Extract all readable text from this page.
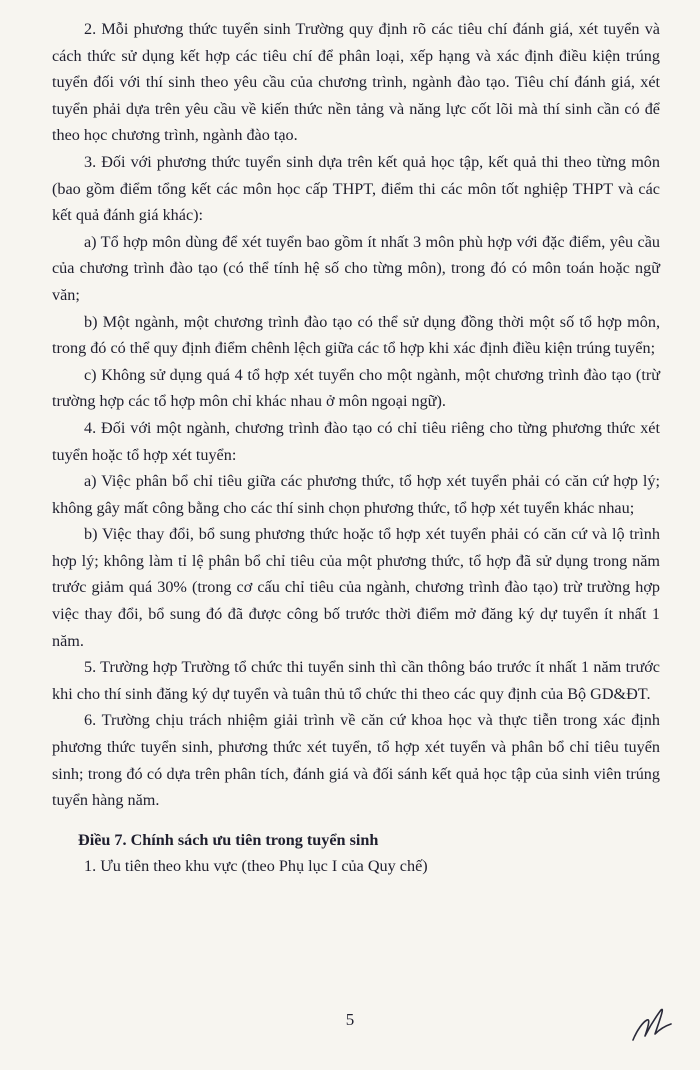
2. Mỗi phương thức tuyển sinh Trường quy định rõ các tiêu chí đánh giá, xét tuyển và cách thức sử dụng kết hợp các tiêu chí để phân loại, xếp hạng và xác định điều kiện trúng tuyển đối với thí sinh theo yêu cầu của chương trình, ngành đào tạo. Tiêu chí đánh giá, xét tuyển phải dựa trên yêu cầu về kiến thức nền tảng và năng lực cốt lõi mà thí sinh cần có để theo học chương trình, ngành đào tạo.

3. Đối với phương thức tuyển sinh dựa trên kết quả học tập, kết quả thi theo từng môn (bao gồm điểm tổng kết các môn học cấp THPT, điểm thi các môn tốt nghiệp THPT và các kết quả đánh giá khác):

a) Tổ hợp môn dùng để xét tuyển bao gồm ít nhất 3 môn phù hợp với đặc điểm, yêu cầu của chương trình đào tạo (có thể tính hệ số cho từng môn), trong đó có môn toán hoặc ngữ văn;

b) Một ngành, một chương trình đào tạo có thể sử dụng đồng thời một số tổ hợp môn, trong đó có thể quy định điểm chênh lệch giữa các tổ hợp khi xác định điều kiện trúng tuyển;

c) Không sử dụng quá 4 tổ hợp xét tuyển cho một ngành, một chương trình đào tạo (trừ trường hợp các tổ hợp môn chỉ khác nhau ở môn ngoại ngữ).

4. Đối với một ngành, chương trình đào tạo có chỉ tiêu riêng cho từng phương thức xét tuyển hoặc tổ hợp xét tuyển:

a) Việc phân bổ chỉ tiêu giữa các phương thức, tổ hợp xét tuyển phải có căn cứ hợp lý; không gây mất công bằng cho các thí sinh chọn phương thức, tổ hợp xét tuyển khác nhau;

b) Việc thay đổi, bổ sung phương thức hoặc tổ hợp xét tuyển phải có căn cứ và lộ trình hợp lý; không làm tỉ lệ phân bổ chỉ tiêu của một phương thức, tổ hợp đã sử dụng trong năm trước giảm quá 30% (trong cơ cấu chỉ tiêu của ngành, chương trình đào tạo) trừ trường hợp việc thay đổi, bổ sung đó đã được công bố trước thời điểm mở đăng ký dự tuyển ít nhất 1 năm.

5. Trường hợp Trường tổ chức thi tuyển sinh thì cần thông báo trước ít nhất 1 năm trước khi cho thí sinh đăng ký dự tuyển và tuân thủ tổ chức thi theo các quy định của Bộ GD&ĐT.

6. Trường chịu trách nhiệm giải trình về căn cứ khoa học và thực tiễn trong xác định phương thức tuyển sinh, phương thức xét tuyển, tổ hợp xét tuyển và phân bổ chỉ tiêu tuyển sinh; trong đó có dựa trên phân tích, đánh giá và đối sánh kết quả học tập của sinh viên trúng tuyển hàng năm.

Điều 7. Chính sách ưu tiên trong tuyển sinh

1. Ưu tiên theo khu vực (theo Phụ lục I của Quy chế)

5
